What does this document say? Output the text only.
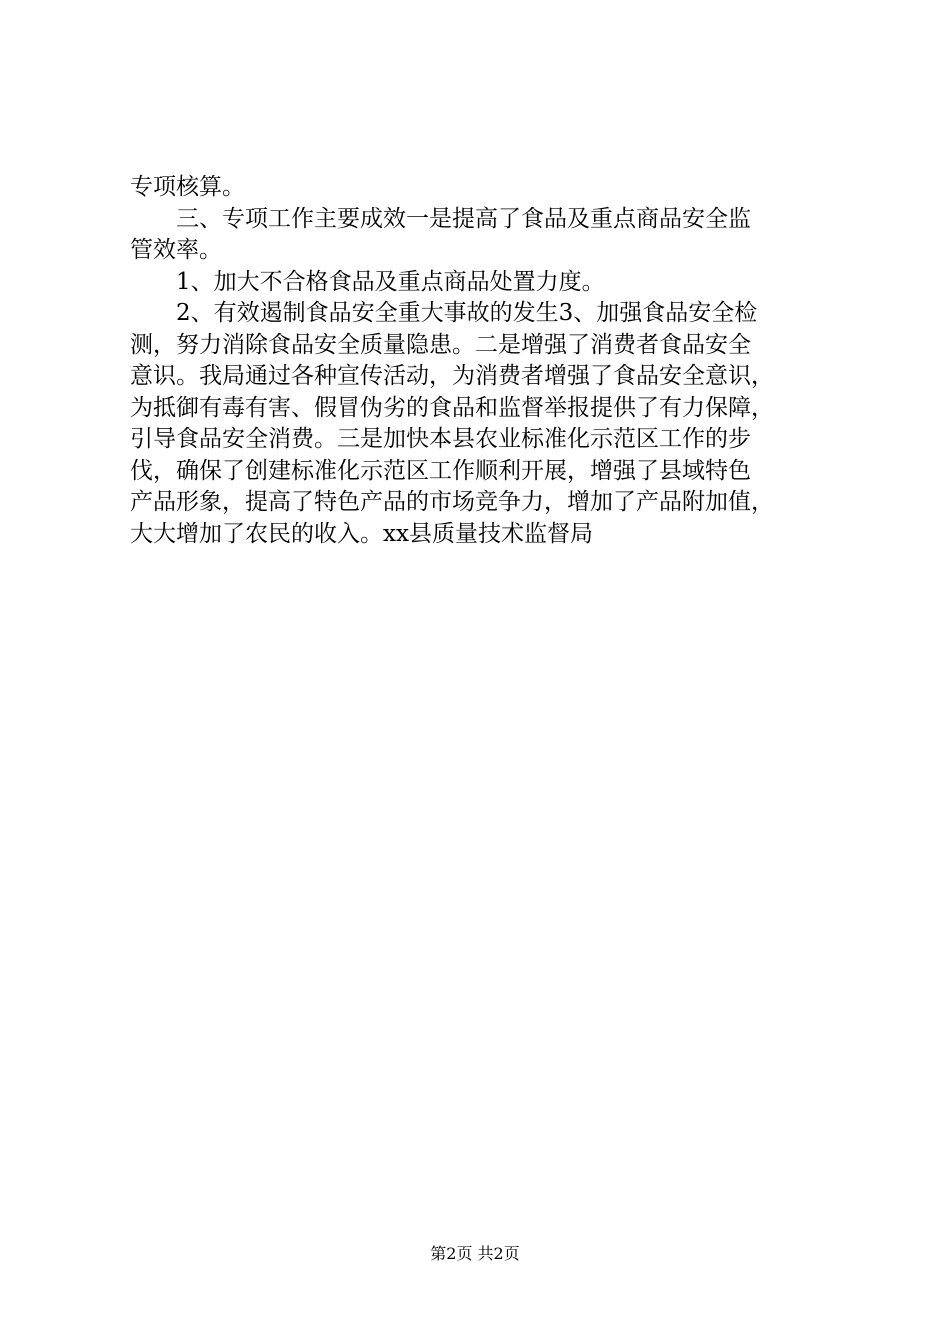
专项核算。
三、专项工作主要成效一是提高了食品及重点商品安全监
管效率。
1、加大不合格食品及重点商品处置力度。
2、有效遏制食品安全重大事故的发生3、加强食品安全检
测，努力消除食品安全质量隐患。二是增强了消费者食品安全
意识。我局通过各种宣传活动，为消费者增强了食品安全意识，
为抵御有毒有害、假冒伪劣的食品和监督举报提供了有力保障，
引导食品安全消费。三是加快本县农业标准化示范区工作的步
伐，确保了创建标准化示范区工作顺利开展，增强了县域特色
产品形象，提高了特色产品的市场竞争力，增加了产品附加值，
大大增加了农民的收入。xx县质量技术监督局
第2页 共2页
